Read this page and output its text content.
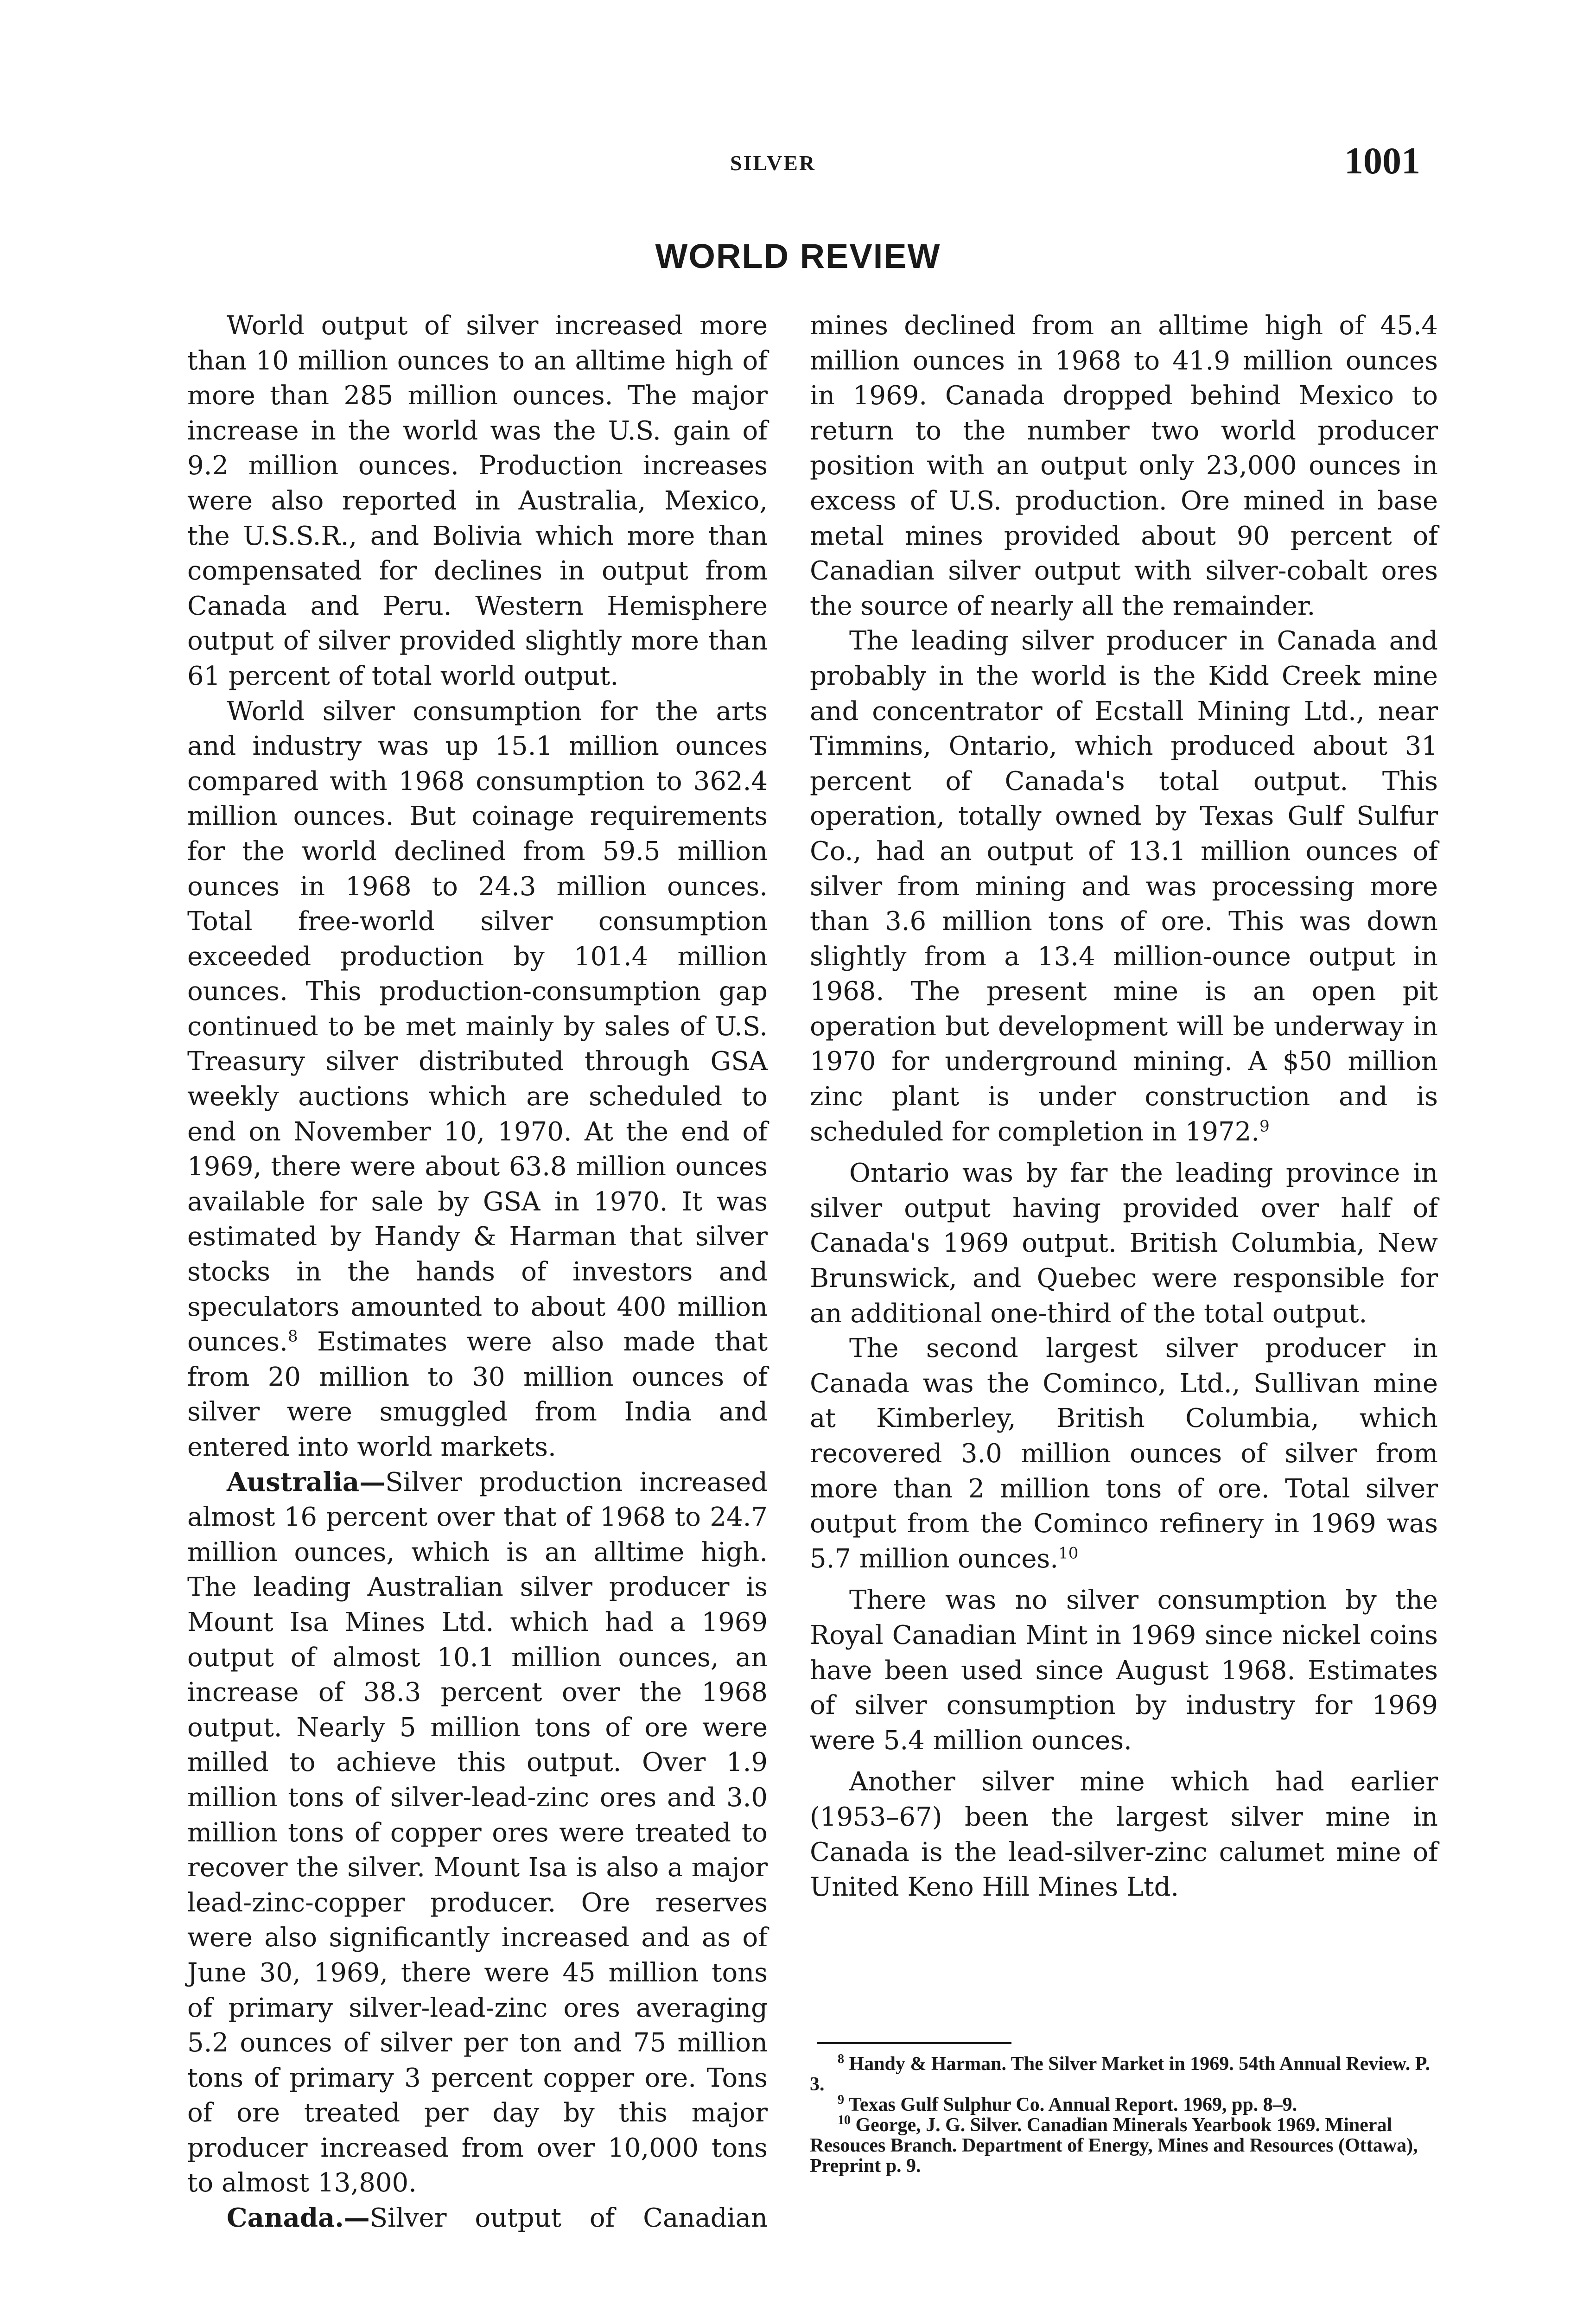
SILVER	1001
WORLD REVIEW

World output of silver increased more than 10 million ounces to an alltime high of more than 285 million ounces. The major increase in the world was the U.S. gain of 9.2 million ounces. Production increases were also reported in Australia, Mexico, the U.S.S.R., and Bolivia which more than compensated for declines in output from Canada and Peru. Western Hemisphere output of silver provided slightly more than 61 percent of total world output.

World silver consumption for the arts and industry was up 15.1 million ounces compared with 1968 consumption to 362.4 million ounces. But coinage requirements for the world declined from 59.5 million ounces in 1968 to 24.3 million ounces. Total free-world silver consumption exceeded production by 101.4 million ounces. This production-consumption gap continued to be met mainly by sales of U.S. Treasury silver distributed through GSA weekly auctions which are scheduled to end on November 10, 1970. At the end of 1969, there were about 63.8 million ounces available for sale by GSA in 1970. It was estimated by Handy & Harman that silver stocks in the hands of investors and speculators amounted to about 400 million ounces.$^8$ Estimates were also made that from 20 million to 30 million ounces of silver were smuggled from India and entered into world markets.

Australia—Silver production increased almost 16 percent over that of 1968 to 24.7 million ounces, which is an alltime high. The leading Australian silver producer is Mount Isa Mines Ltd. which had a 1969 output of almost 10.1 million ounces, an increase of 38.3 percent over the 1968 output. Nearly 5 million tons of ore were milled to achieve this output. Over 1.9 million tons of silver-lead-zinc ores and 3.0 million tons of copper ores were treated to recover the silver. Mount Isa is also a major lead-zinc-copper producer. Ore reserves were also significantly increased and as of June 30, 1969, there were 45 million tons of primary silver-lead-zinc ores averaging 5.2 ounces of silver per ton and 75 million tons of primary 3 percent copper ore. Tons of ore treated per day by this major producer increased from over 10,000 tons to almost 13,800.

Canada.—Silver output of Canadian

mines declined from an alltime high of 45.4 million ounces in 1968 to 41.9 million ounces in 1969. Canada dropped behind Mexico to return to the number two world producer position with an output only 23,000 ounces in excess of U.S. production. Ore mined in base metal mines provided about 90 percent of Canadian silver output with silver-cobalt ores the source of nearly all the remainder.

The leading silver producer in Canada and probably in the world is the Kidd Creek mine and concentrator of Ecstall Mining Ltd., near Timmins, Ontario, which produced about 31 percent of Canada's total output. This operation, totally owned by Texas Gulf Sulfur Co., had an output of 13.1 million ounces of silver from mining and was processing more than 3.6 million tons of ore. This was down slightly from a 13.4 million-ounce output in 1968. The present mine is an open pit operation but development will be underway in 1970 for underground mining. A $50 million zinc plant is under construction and is scheduled for completion in 1972.$^9$

Ontario was by far the leading province in silver output having provided over half of Canada's 1969 output. British Columbia, New Brunswick, and Quebec were responsible for an additional one-third of the total output.

The second largest silver producer in Canada was the Cominco, Ltd., Sullivan mine at Kimberley, British Columbia, which recovered 3.0 million ounces of silver from more than 2 million tons of ore. Total silver output from the Cominco refinery in 1969 was 5.7 million ounces.$^{10}$

There was no silver consumption by the Royal Canadian Mint in 1969 since nickel coins have been used since August 1968. Estimates of silver consumption by industry for 1969 were 5.4 million ounces.

Another silver mine which had earlier (1953–67) been the largest silver mine in Canada is the lead-silver-zinc calumet mine of United Keno Hill Mines Ltd.

$^8$ Handy & Harman. The Silver Market in 1969. 54th Annual Review. P. 3.

$^9$ Texas Gulf Sulphur Co. Annual Report. 1969, pp. 8–9.

$^{10}$ George, J. G. Silver. Canadian Minerals Yearbook 1969. Mineral Resouces Branch. Department of Energy, Mines and Resources (Ottawa), Preprint p. 9.
